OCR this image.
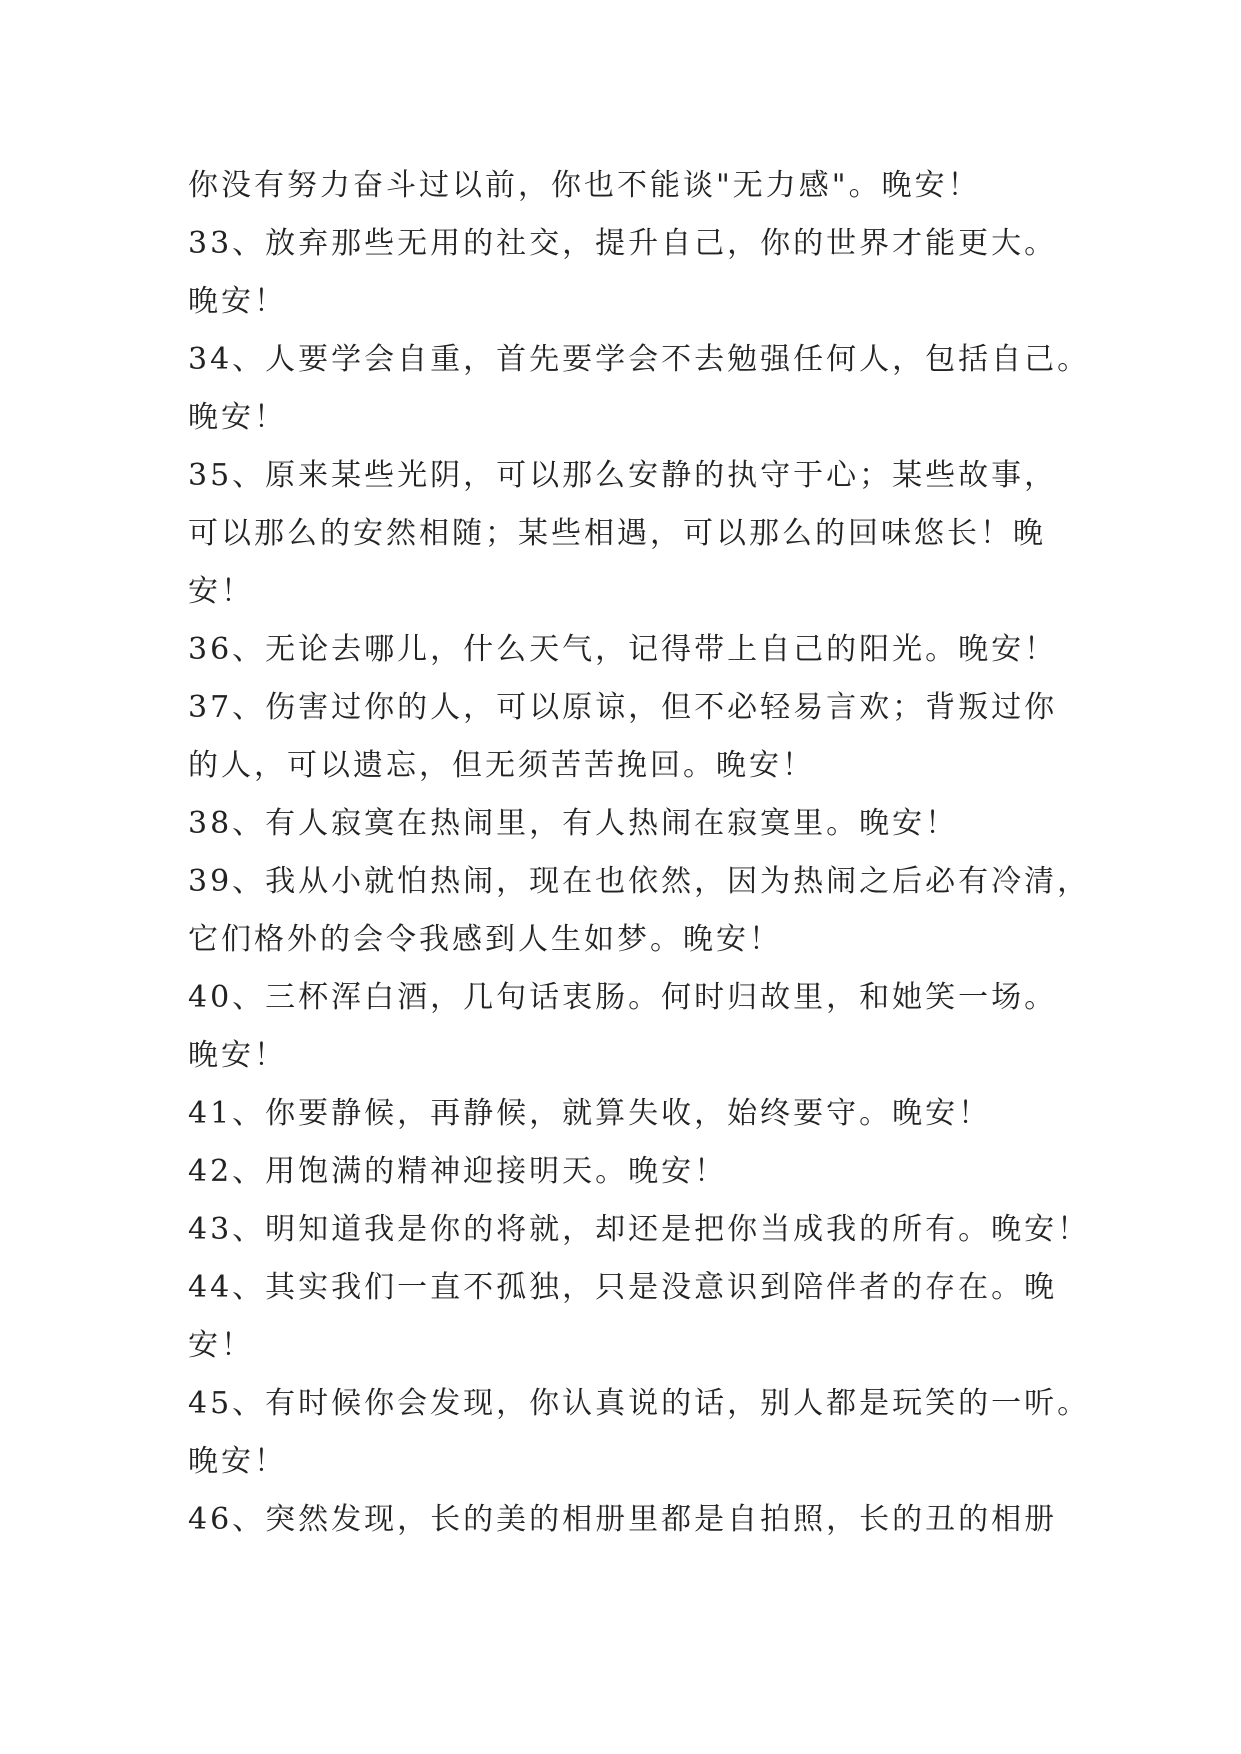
你没有努力奋斗过以前，你也不能谈"无力感"。晚安！
33、放弃那些无用的社交，提升自己，你的世界才能更大。
晚安！
34、人要学会自重，首先要学会不去勉强任何人，包括自己。
晚安！
35、原来某些光阴，可以那么安静的执守于心；某些故事，
可以那么的安然相随；某些相遇，可以那么的回味悠长！晚
安！
36、无论去哪儿，什么天气，记得带上自己的阳光。晚安！
37、伤害过你的人，可以原谅，但不必轻易言欢；背叛过你
的人，可以遗忘，但无须苦苦挽回。晚安！
38、有人寂寞在热闹里，有人热闹在寂寞里。晚安！
39、我从小就怕热闹，现在也依然，因为热闹之后必有冷清，
它们格外的会令我感到人生如梦。晚安！
40、三杯浑白酒，几句话衷肠。何时归故里，和她笑一场。
晚安！
41、你要静候，再静候，就算失收，始终要守。晚安！
42、用饱满的精神迎接明天。晚安！
43、明知道我是你的将就，却还是把你当成我的所有。晚安！
44、其实我们一直不孤独，只是没意识到陪伴者的存在。晚
安！
45、有时候你会发现，你认真说的话，别人都是玩笑的一听。
晚安！
46、突然发现，长的美的相册里都是自拍照，长的丑的相册
